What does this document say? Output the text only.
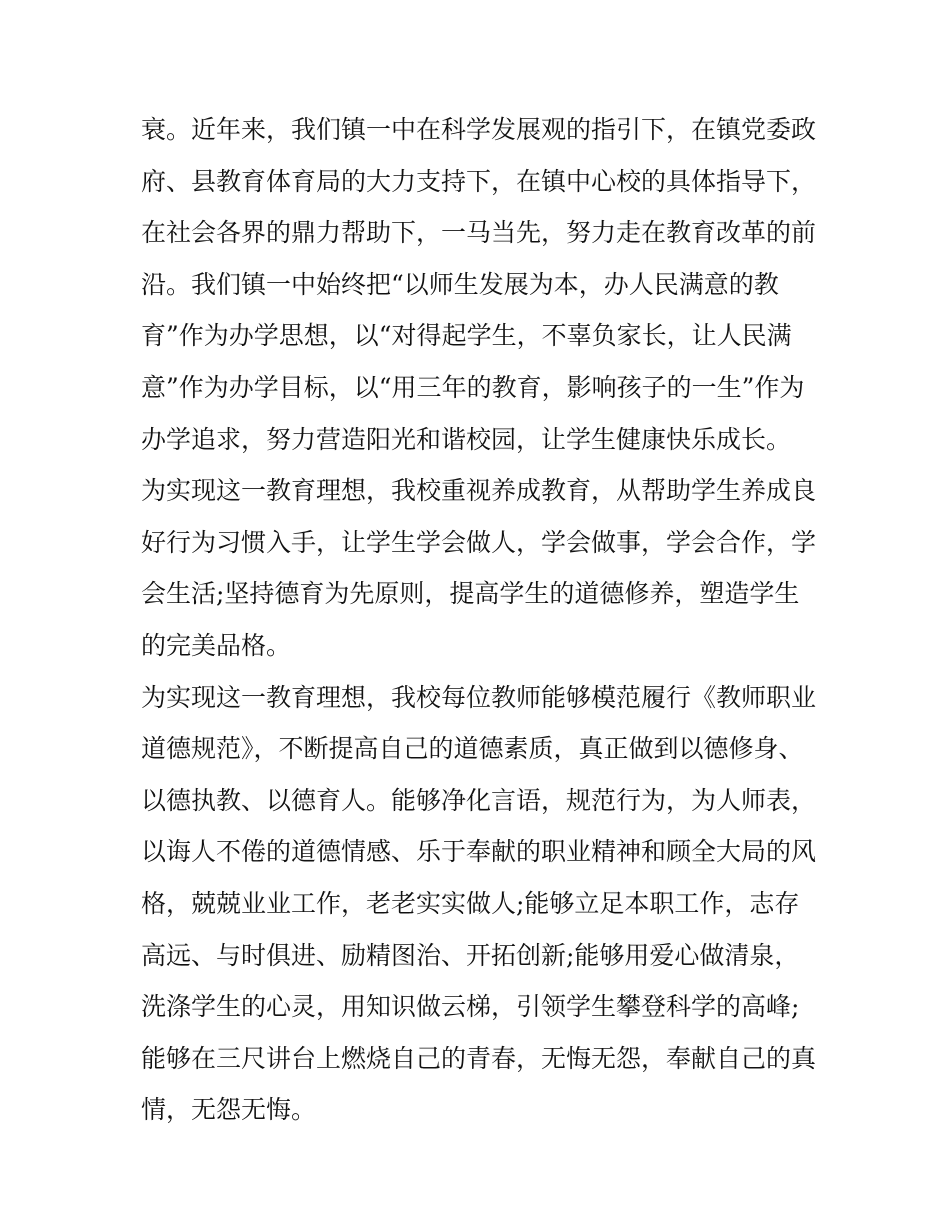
衰。近年来，我们镇一中在科学发展观的指引下，在镇党委政
府、县教育体育局的大力支持下，在镇中心校的具体指导下，
在社会各界的鼎力帮助下，一马当先，努力走在教育改革的前
沿。我们镇一中始终把“以师生发展为本，办人民满意的教
育”作为办学思想，以“对得起学生，不辜负家长，让人民满
意”作为办学目标，以“用三年的教育，影响孩子的一生”作为
办学追求，努力营造阳光和谐校园，让学生健康快乐成长。
为实现这一教育理想，我校重视养成教育，从帮助学生养成良
好行为习惯入手，让学生学会做人，学会做事，学会合作，学
会生活;坚持德育为先原则，提高学生的道德修养，塑造学生
的完美品格。
为实现这一教育理想，我校每位教师能够模范履行《教师职业
道德规范》，不断提高自己的道德素质，真正做到以德修身、
以德执教、以德育人。能够净化言语，规范行为，为人师表，
以诲人不倦的道德情感、乐于奉献的职业精神和顾全大局的风
格，兢兢业业工作，老老实实做人;能够立足本职工作，志存
高远、与时俱进、励精图治、开拓创新;能够用爱心做清泉，
洗涤学生的心灵，用知识做云梯，引领学生攀登科学的高峰;
能够在三尺讲台上燃烧自己的青春，无悔无怨，奉献自己的真
情，无怨无悔。
